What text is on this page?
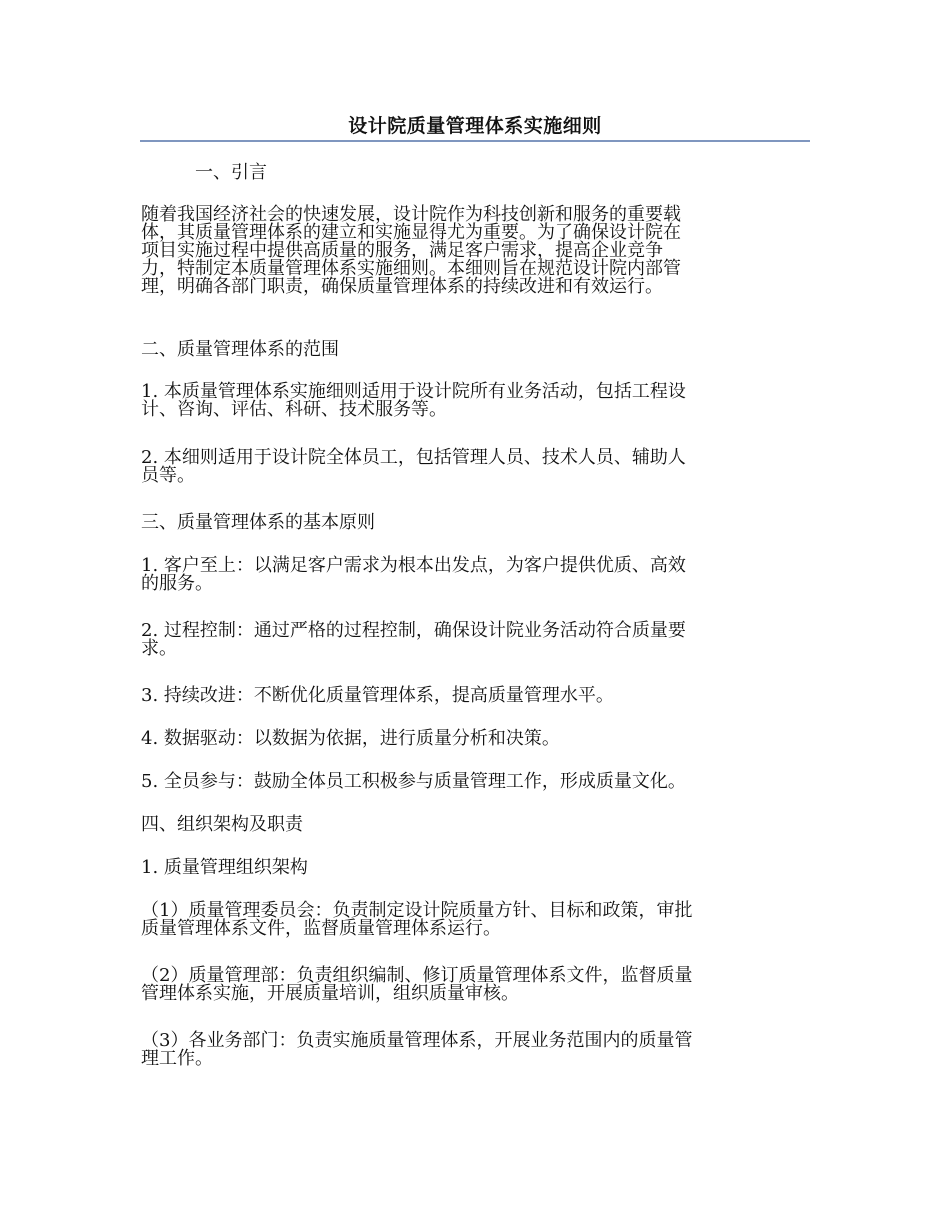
设计院质量管理体系实施细则

　　　一、引言

随着我国经济社会的快速发展，设计院作为科技创新和服务的重要载
体，其质量管理体系的建立和实施显得尤为重要。为了确保设计院在
项目实施过程中提供高质量的服务，满足客户需求，提高企业竞争
力，特制定本质量管理体系实施细则。本细则旨在规范设计院内部管
理，明确各部门职责，确保质量管理体系的持续改进和有效运行。

二、质量管理体系的范围

1. 本质量管理体系实施细则适用于设计院所有业务活动，包括工程设
计、咨询、评估、科研、技术服务等。

2. 本细则适用于设计院全体员工，包括管理人员、技术人员、辅助人
员等。

三、质量管理体系的基本原则

1. 客户至上：以满足客户需求为根本出发点，为客户提供优质、高效
的服务。

2. 过程控制：通过严格的过程控制，确保设计院业务活动符合质量要
求。

3. 持续改进：不断优化质量管理体系，提高质量管理水平。

4. 数据驱动：以数据为依据，进行质量分析和决策。

5. 全员参与：鼓励全体员工积极参与质量管理工作，形成质量文化。

四、组织架构及职责

1. 质量管理组织架构

（1）质量管理委员会：负责制定设计院质量方针、目标和政策，审批
质量管理体系文件，监督质量管理体系运行。

（2）质量管理部：负责组织编制、修订质量管理体系文件，监督质量
管理体系实施，开展质量培训，组织质量审核。

（3）各业务部门：负责实施质量管理体系，开展业务范围内的质量管
理工作。
